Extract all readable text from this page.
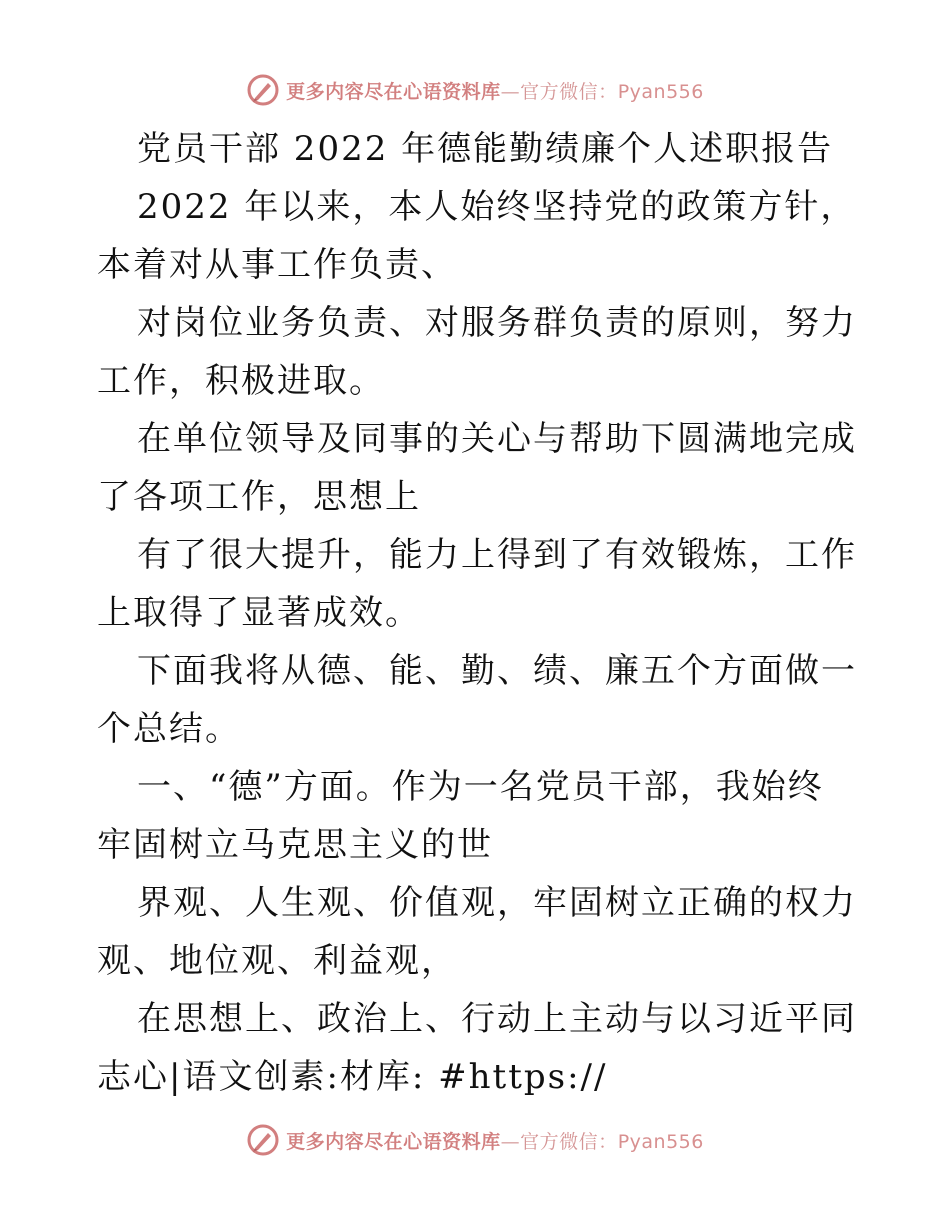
更多内容尽在心语资料库—官方微信：Pyan556

党员干部 2022 年德能勤绩廉个人述职报告

2022 年以来，本人始终坚持党的政策方针，本着对从事工作负责、

对岗位业务负责、对服务群负责的原则，努力工作，积极进取。

在单位领导及同事的关心与帮助下圆满地完成了各项工作，思想上

有了很大提升，能力上得到了有效锻炼，工作上取得了显著成效。

下面我将从德、能、勤、绩、廉五个方面做一个总结。

一、“德”方面。作为一名党员干部，我始终牢固树立马克思主义的世

界观、人生观、价值观，牢固树立正确的权力观、地位观、利益观，

在思想上、政治上、行动上主动与以习近平同志心|语文创素:材库: #https://

更多内容尽在心语资料库—官方微信：Pyan556
